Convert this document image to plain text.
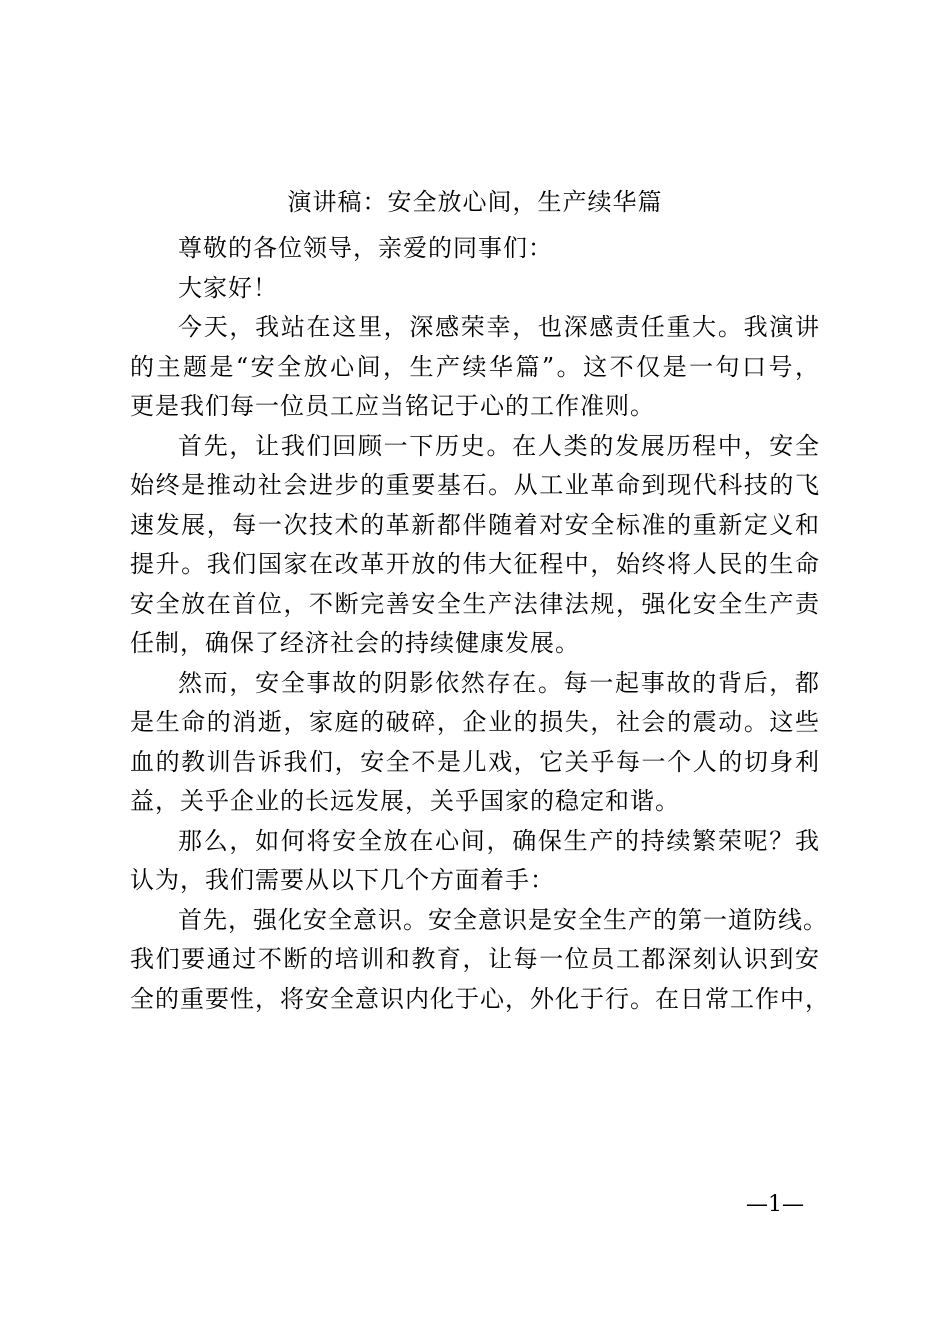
演讲稿：安全放心间，生产续华篇

尊敬的各位领导，亲爱的同事们：

大家好！

今天，我站在这里，深感荣幸，也深感责任重大。我演讲
的主题是“安全放心间，生产续华篇”。这不仅是一句口号，
更是我们每一位员工应当铭记于心的工作准则。

首先，让我们回顾一下历史。在人类的发展历程中，安全
始终是推动社会进步的重要基石。从工业革命到现代科技的飞
速发展，每一次技术的革新都伴随着对安全标准的重新定义和
提升。我们国家在改革开放的伟大征程中，始终将人民的生命
安全放在首位，不断完善安全生产法律法规，强化安全生产责
任制，确保了经济社会的持续健康发展。

然而，安全事故的阴影依然存在。每一起事故的背后，都
是生命的消逝，家庭的破碎，企业的损失，社会的震动。这些
血的教训告诉我们，安全不是儿戏，它关乎每一个人的切身利
益，关乎企业的长远发展，关乎国家的稳定和谐。

那么，如何将安全放在心间，确保生产的持续繁荣呢？我
认为，我们需要从以下几个方面着手：

首先，强化安全意识。安全意识是安全生产的第一道防线。
我们要通过不断的培训和教育，让每一位员工都深刻认识到安
全的重要性，将安全意识内化于心，外化于行。在日常工作中，

—1—
